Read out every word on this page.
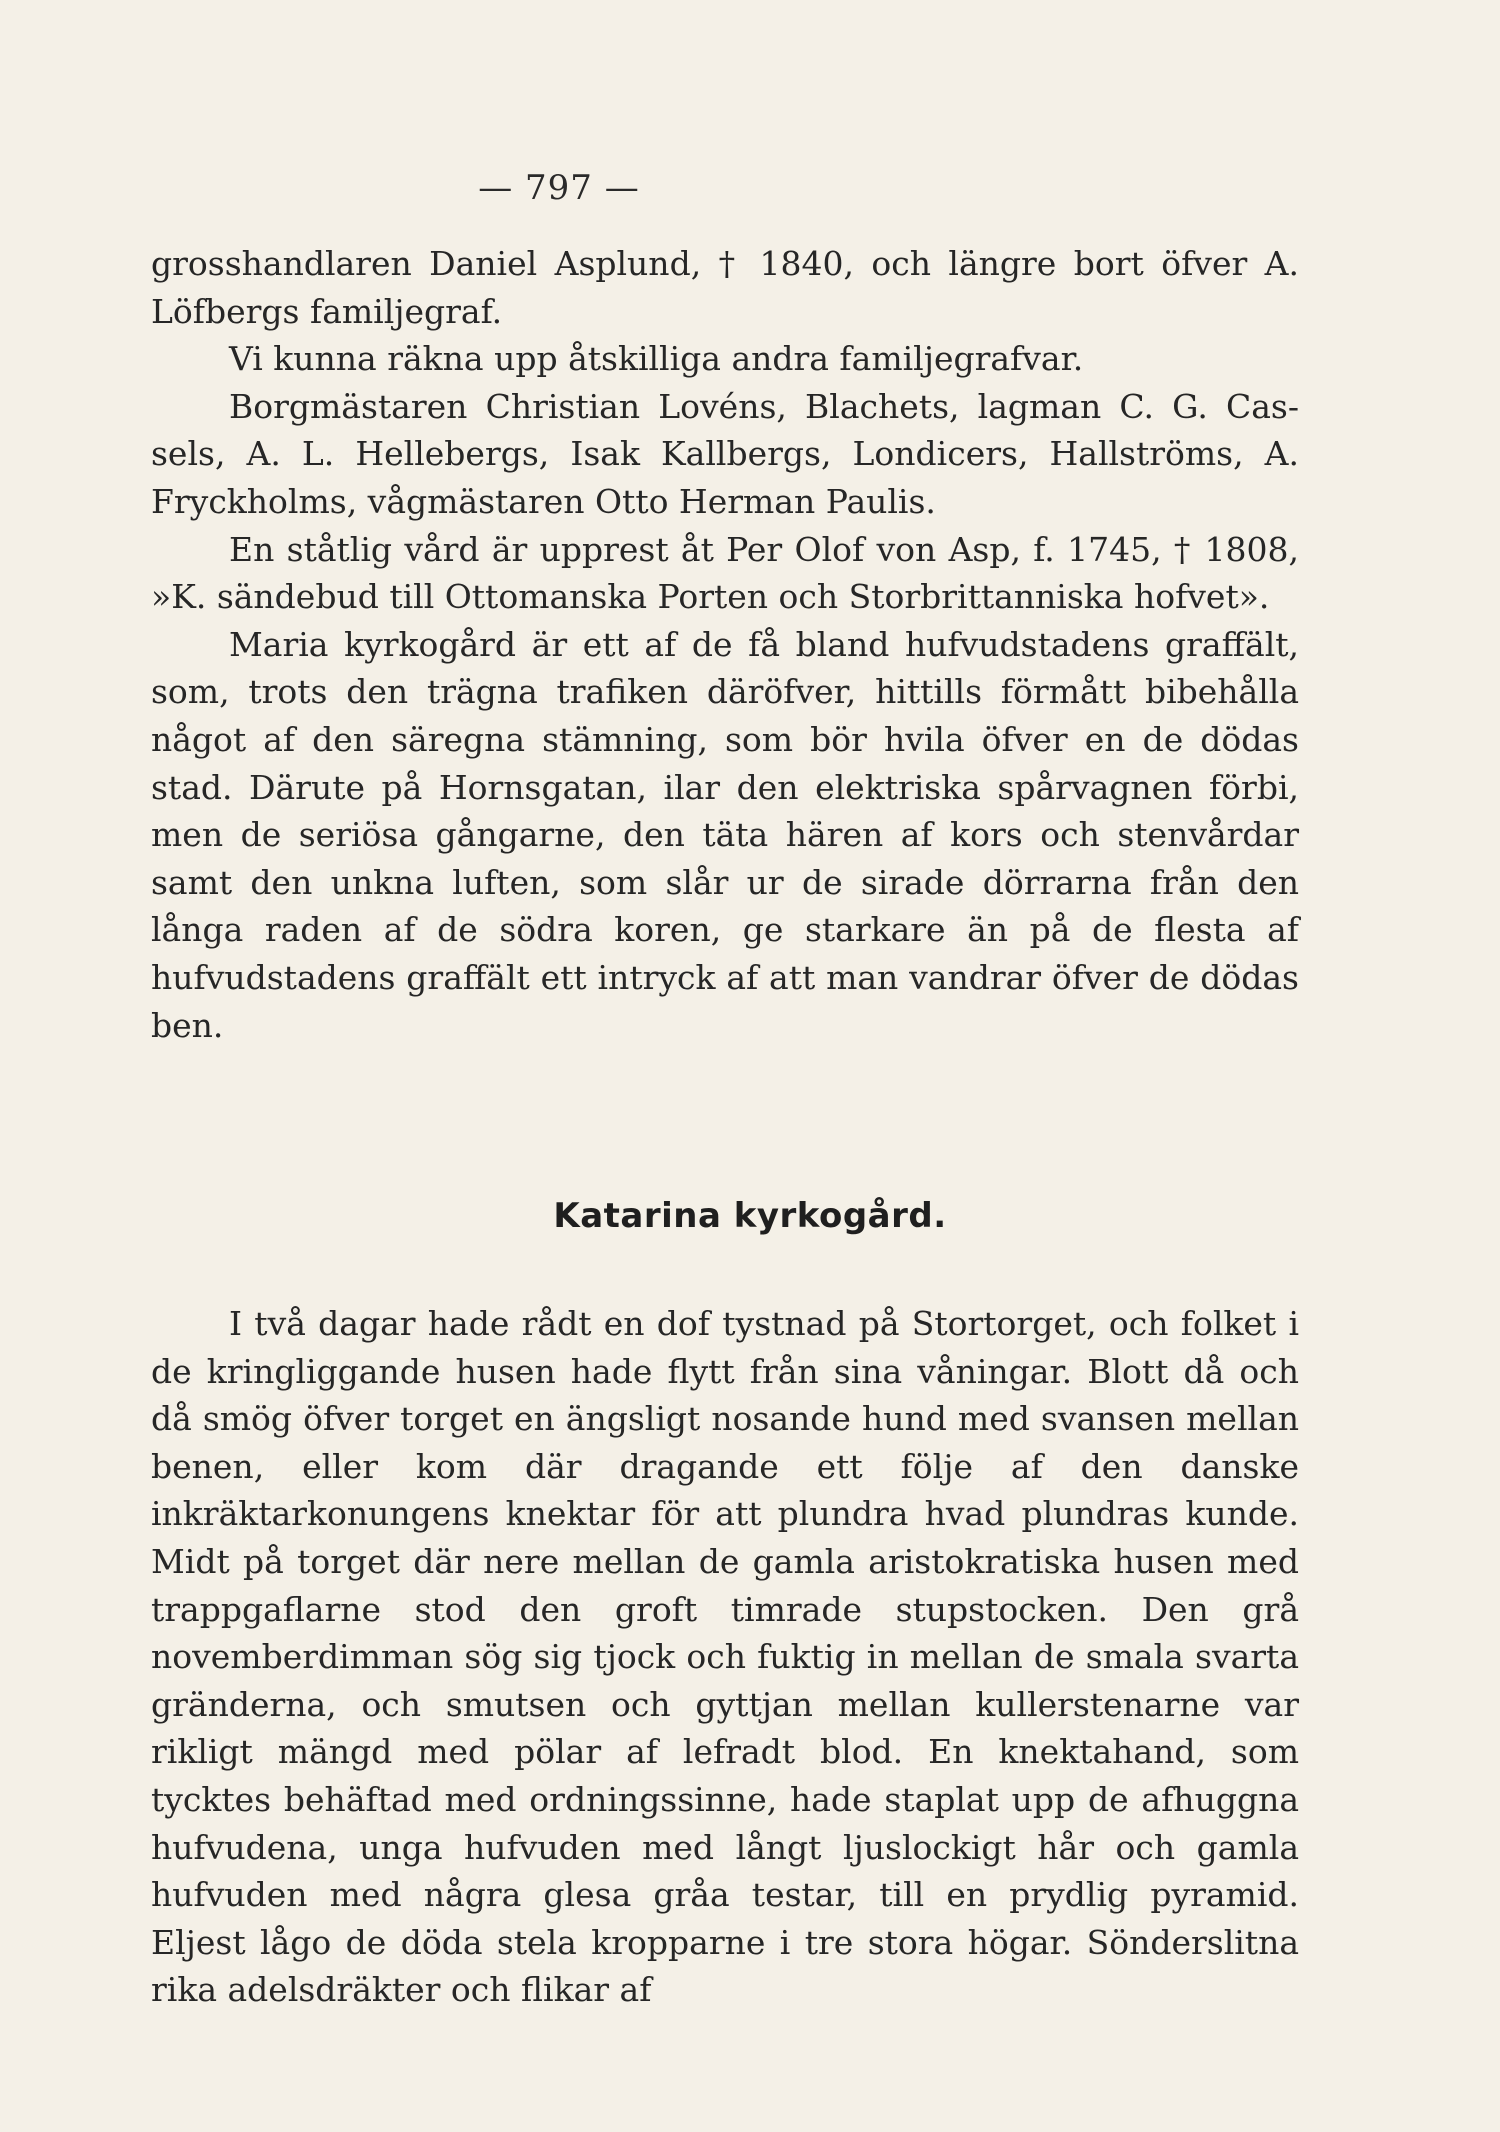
— 797 —

grosshandlaren Daniel Asplund, † 1840, och längre bort öfver A. Löfbergs familjegraf.

Vi kunna räkna upp åtskilliga andra familjegrafvar.

Borgmästaren Christian Lovéns, Blachets, lagman C. G. Cassels, A. L. Hellebergs, Isak Kallbergs, Londicers, Hallströms, A. Fryckholms, vågmästaren Otto Herman Paulis.

En ståtlig vård är upprest åt Per Olof von Asp, f. 1745, † 1808, »K. sändebud till Ottomanska Porten och Storbrittanniska hofvet».

Maria kyrkogård är ett af de få bland hufvudstadens graffält, som, trots den trägna trafiken däröfver, hittills förmått bibehålla något af den säregna stämning, som bör hvila öfver en de dödas stad. Därute på Hornsgatan, ilar den elektriska spårvagnen förbi, men de seriösa gångarne, den täta hären af kors och stenvårdar samt den unkna luften, som slår ur de sirade dörrarna från den långa raden af de södra koren, ge starkare än på de flesta af hufvudstadens graffält ett intryck af att man vandrar öfver de dödas ben.

Katarina kyrkogård.

I två dagar hade rådt en dof tystnad på Stortorget, och folket i de kringliggande husen hade flytt från sina våningar. Blott då och då smög öfver torget en ängsligt nosande hund med svansen mellan benen, eller kom där dragande ett följe af den danske inkräktarkonungens knektar för att plundra hvad plundras kunde. Midt på torget där nere mellan de gamla aristokratiska husen med trappgaflarne stod den groft timrade stupstocken. Den grå novemberdimman sög sig tjock och fuktig in mellan de smala svarta gränderna, och smutsen och gyttjan mellan kullerstenarne var rikligt mängd med pölar af lefradt blod. En knektahand, som tycktes behäftad med ordningssinne, hade staplat upp de afhuggna hufvudena, unga hufvuden med långt ljuslockigt hår och gamla hufvuden med några glesa gråa testar, till en prydlig pyramid. Eljest lågo de döda stela kropparne i tre stora högar. Sönderslitna rika adelsdräkter och flikar af
